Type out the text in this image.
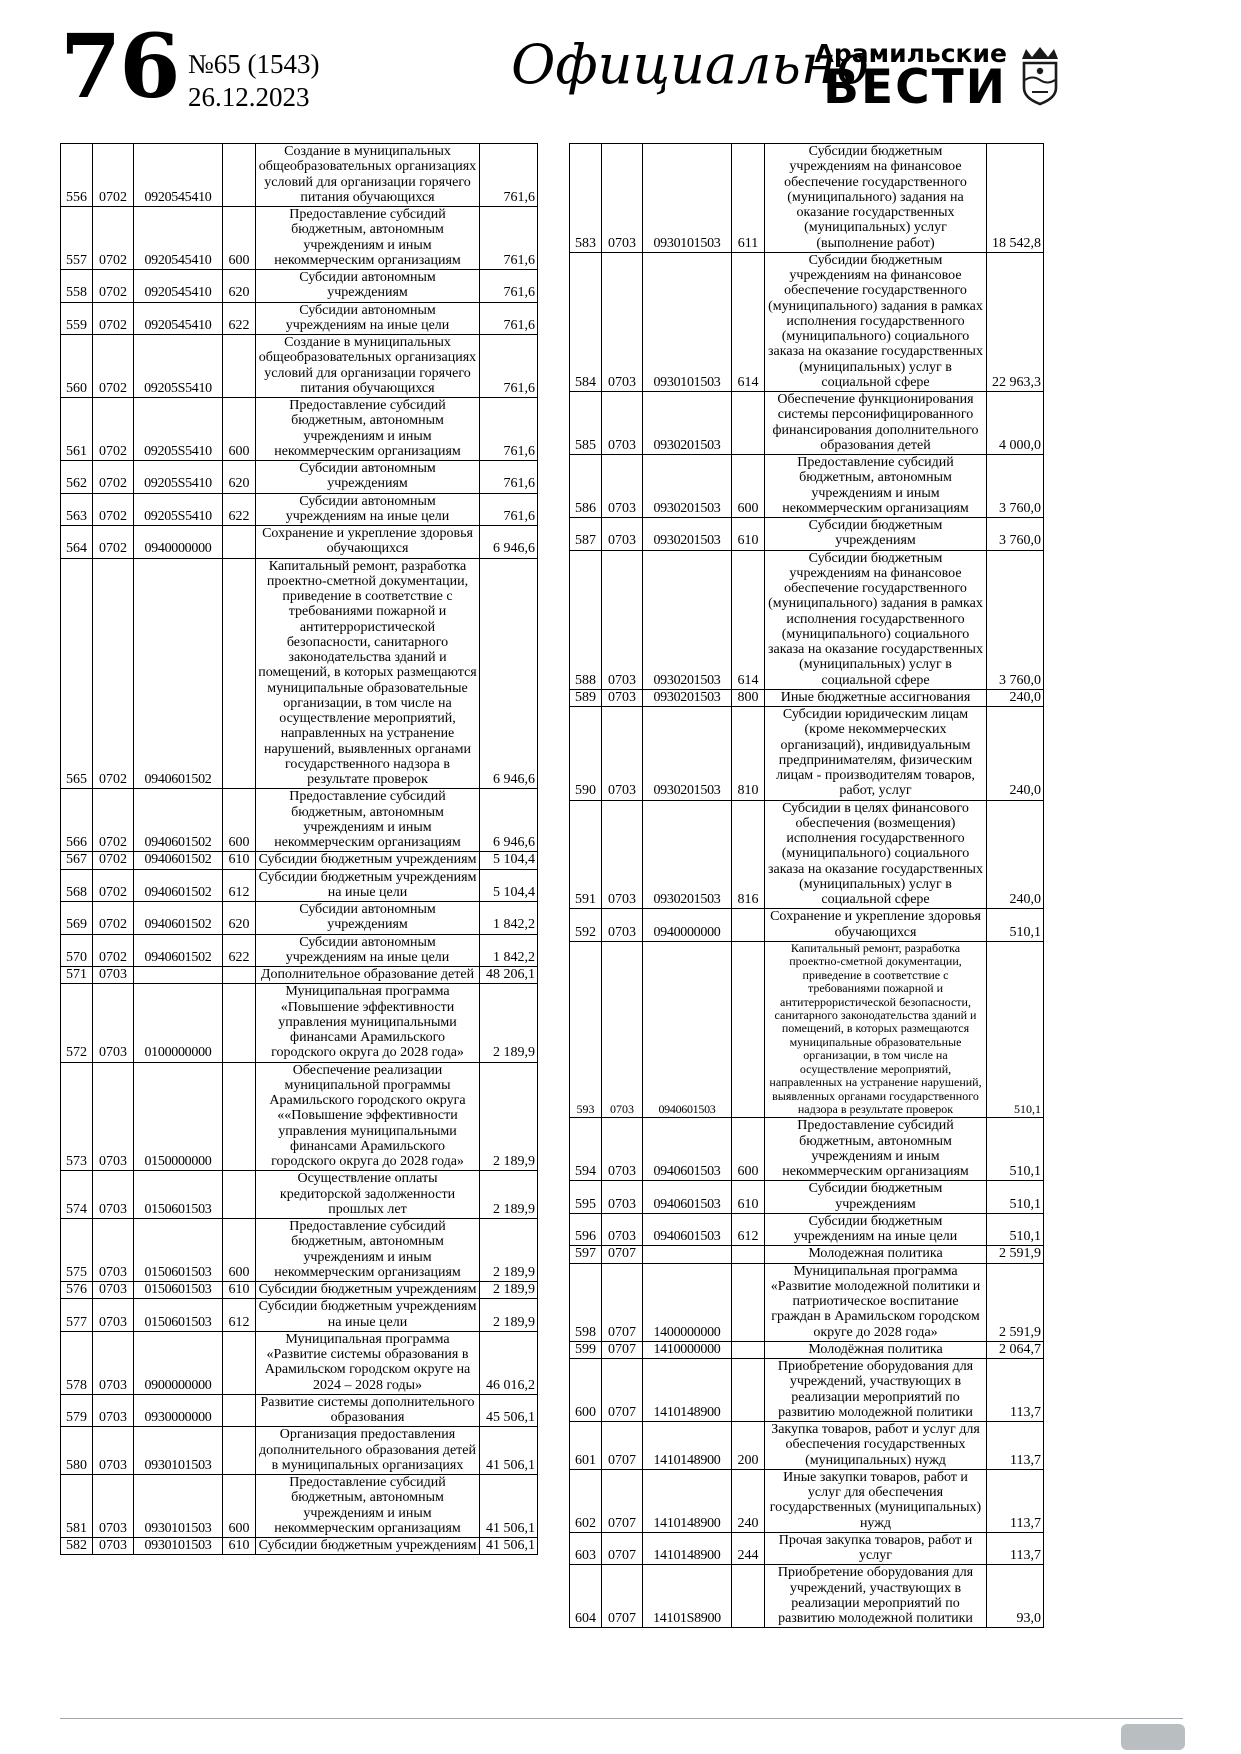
76 №65 (1543)
26.12.2023
Официально
Арамильские
ВЕСТИ
556	0702	0920545410		Создание в муниципальных общеобразовательных организациях условий для организации горячего питания обучающихся	761,6
557	0702	0920545410	600	Предоставление субсидий бюджетным, автономным учреждениям и иным некоммерческим организациям	761,6
558	0702	0920545410	620	Субсидии автономным учреждениям	761,6
559	0702	0920545410	622	Субсидии автономным учреждениям на иные цели	761,6
560	0702	09205S5410		Создание в муниципальных общеобразовательных организациях условий для организации горячего питания обучающихся	761,6
561	0702	09205S5410	600	Предоставление субсидий бюджетным, автономным учреждениям и иным некоммерческим организациям	761,6
562	0702	09205S5410	620	Субсидии автономным учреждениям	761,6
563	0702	09205S5410	622	Субсидии автономным учреждениям на иные цели	761,6
564	0702	0940000000		Сохранение и укрепление здоровья обучающихся	6 946,6
565	0702	0940601502		Капитальный ремонт, разработка проектно-сметной документации, приведение в соответствие с требованиями пожарной и антитеррористической безопасности, санитарного законодательства зданий и помещений, в которых размещаются муниципальные образовательные организации, в том числе на осуществление мероприятий, направленных на устранение нарушений, выявленных органами государственного надзора в результате проверок	6 946,6
566	0702	0940601502	600	Предоставление субсидий бюджетным, автономным учреждениям и иным некоммерческим организациям	6 946,6
567	0702	0940601502	610	Субсидии бюджетным учреждениям	5 104,4
568	0702	0940601502	612	Субсидии бюджетным учреждениям на иные цели	5 104,4
569	0702	0940601502	620	Субсидии автономным учреждениям	1 842,2
570	0702	0940601502	622	Субсидии автономным учреждениям на иные цели	1 842,2
571	0703			Дополнительное образование детей	48 206,1
572	0703	0100000000		Муниципальная программа «Повышение эффективности управления муниципальными финансами Арамильского городского округа до 2028 года»	2 189,9
573	0703	0150000000		Обеспечение реализации муниципальной программы Арамильского городского округа ««Повышение эффективности управления муниципальными финансами Арамильского городского округа до 2028 года»	2 189,9
574	0703	0150601503		Осуществление оплаты кредиторской задолженности прошлых лет	2 189,9
575	0703	0150601503	600	Предоставление субсидий бюджетным, автономным учреждениям и иным некоммерческим организациям	2 189,9
576	0703	0150601503	610	Субсидии бюджетным учреждениям	2 189,9
577	0703	0150601503	612	Субсидии бюджетным учреждениям на иные цели	2 189,9
578	0703	0900000000		Муниципальная программа «Развитие системы образования в Арамильском городском округе на 2024 – 2028 годы»	46 016,2
579	0703	0930000000		Развитие системы дополнительного образования	45 506,1
580	0703	0930101503		Организация предоставления дополнительного образования детей в муниципальных организациях	41 506,1
581	0703	0930101503	600	Предоставление субсидий бюджетным, автономным учреждениям и иным некоммерческим организациям	41 506,1
582	0703	0930101503	610	Субсидии бюджетным учреждениям	41 506,1
583	0703	0930101503	611	Субсидии бюджетным учреждениям на финансовое обеспечение государственного (муниципального) задания на оказание государственных (муниципальных) услуг (выполнение работ)	18 542,8
584	0703	0930101503	614	Субсидии бюджетным учреждениям на финансовое обеспечение государственного (муниципального) задания в рамках исполнения государственного (муниципального) социального заказа на оказание государственных (муниципальных) услуг в социальной сфере	22 963,3
585	0703	0930201503		Обеспечение функционирования системы персонифицированного финансирования дополнительного образования детей	4 000,0
586	0703	0930201503	600	Предоставление субсидий бюджетным, автономным учреждениям и иным некоммерческим организациям	3 760,0
587	0703	0930201503	610	Субсидии бюджетным учреждениям	3 760,0
588	0703	0930201503	614	Субсидии бюджетным учреждениям на финансовое обеспечение государственного (муниципального) задания в рамках исполнения государственного (муниципального) социального заказа на оказание государственных (муниципальных) услуг в социальной сфере	3 760,0
589	0703	0930201503	800	Иные бюджетные ассигнования	240,0
590	0703	0930201503	810	Субсидии юридическим лицам (кроме некоммерческих организаций), индивидуальным предпринимателям, физическим лицам - производителям товаров, работ, услуг	240,0
591	0703	0930201503	816	Субсидии в целях финансового обеспечения (возмещения) исполнения государственного (муниципального) социального заказа на оказание государственных (муниципальных) услуг в социальной сфере	240,0
592	0703	0940000000		Сохранение и укрепление здоровья обучающихся	510,1
593	0703	0940601503		Капитальный ремонт, разработка проектно-сметной документации, приведение в соответствие с требованиями пожарной и антитеррористической безопасности, санитарного законодательства зданий и помещений, в которых размещаются муниципальные образовательные организации, в том числе на осуществление мероприятий, направленных на устранение нарушений, выявленных органами государственного надзора в результате проверок	510,1
594	0703	0940601503	600	Предоставление субсидий бюджетным, автономным учреждениям и иным некоммерческим организациям	510,1
595	0703	0940601503	610	Субсидии бюджетным учреждениям	510,1
596	0703	0940601503	612	Субсидии бюджетным учреждениям на иные цели	510,1
597	0707			Молодежная политика	2 591,9
598	0707	1400000000		Муниципальная программа «Развитие молодежной политики и патриотическое воспитание граждан в Арамильском городском округе до 2028 года»	2 591,9
599	0707	1410000000		Молодёжная политика	2 064,7
600	0707	1410148900		Приобретение оборудования для учреждений, участвующих в реализации мероприятий по развитию молодежной политики	113,7
601	0707	1410148900	200	Закупка товаров, работ и услуг для обеспечения государственных (муниципальных) нужд	113,7
602	0707	1410148900	240	Иные закупки товаров, работ и услуг для обеспечения государственных (муниципальных) нужд	113,7
603	0707	1410148900	244	Прочая закупка товаров, работ и услуг	113,7
604	0707	14101S8900		Приобретение оборудования для учреждений, участвующих в реализации мероприятий по развитию молодежной политики	93,0
